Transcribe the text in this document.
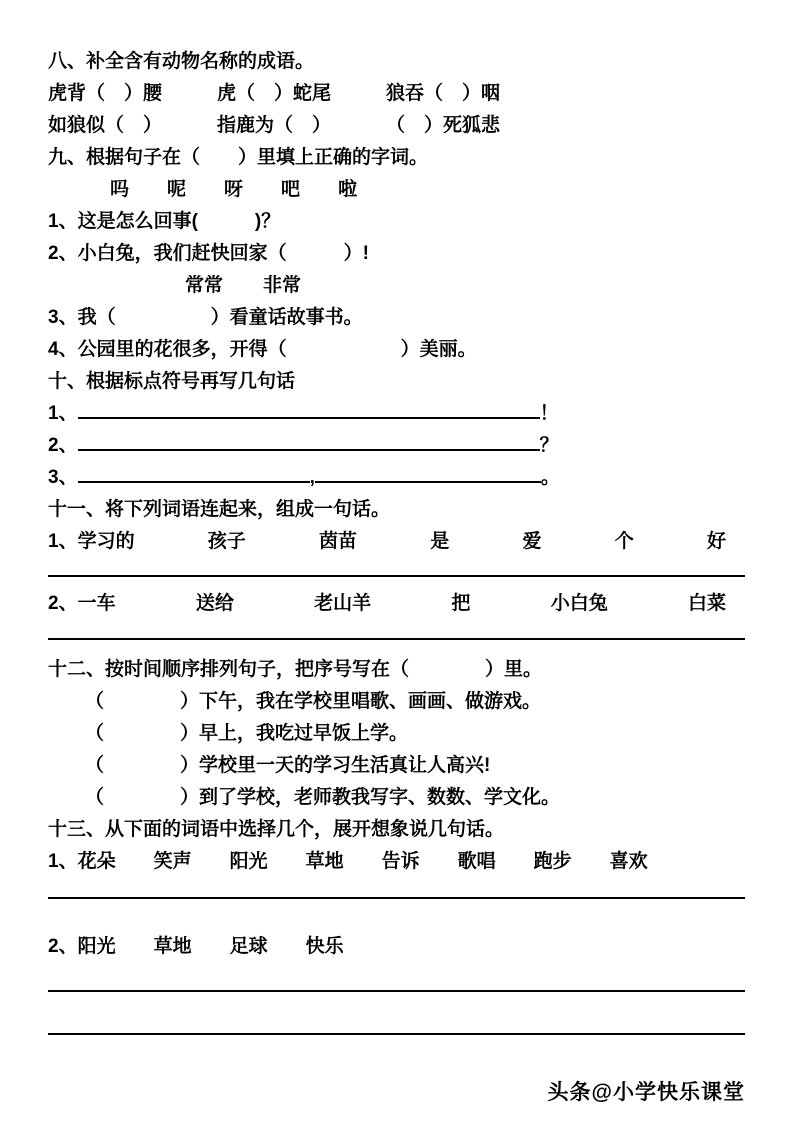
八、补全含有动物名称的成语。
虎背（　）腰	虎（　）蛇尾	狼吞（　）咽
如狼似（　）	指鹿为（　）	（　）死狐悲
九、根据句子在（　　）里填上正确的字词。
吗 呢 呀 吧 啦
1、这是怎么回事(　　　)？
2、小白兔，我们赶快回家（　　　）!
常常 非常
3、我（　　　　　）看童话故事书。
4、公园里的花很多，开得（　　　　　　）美丽。
十、根据标点符号再写几句话
1、	！
2、	？
3、	,	。
十一、将下列词语连起来，组成一句话。
1、学习的	孩子	茵苗	是	爱	个	好
2、一车	送给	老山羊	把	小白兔	白菜
十二、按时间顺序排列句子，把序号写在（　　　　）里。
（　　　　）下午，我在学校里唱歌、画画、做游戏。
（　　　　）早上，我吃过早饭上学。
（　　　　）学校里一天的学习生活真让人高兴!
（　　　　）到了学校，老师教我写字、数数、学文化。
十三、从下面的词语中选择几个，展开想象说几句话。
1、花朵 笑声 阳光 草地 告诉 歌唱 跑步 喜欢
2、阳光 草地 足球 快乐
头条@小学快乐课堂
